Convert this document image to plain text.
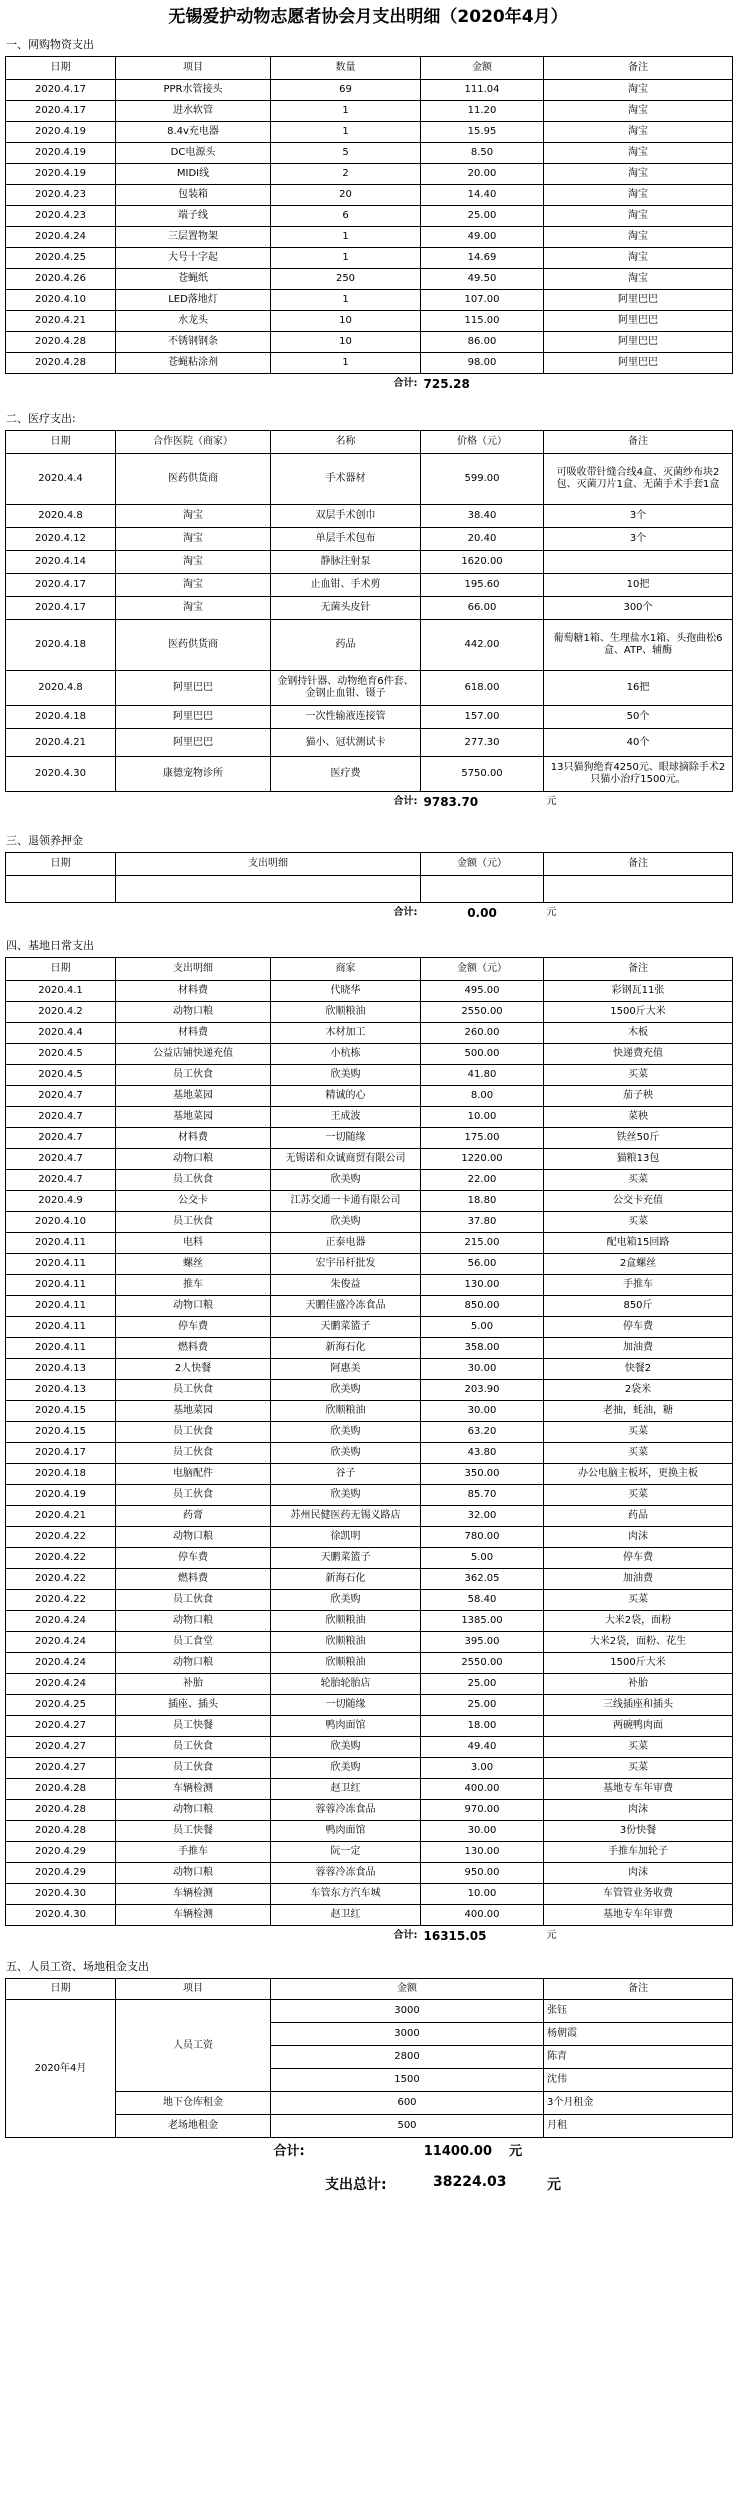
无锡爱护动物志愿者协会月支出明细（2020年4月）
一、网购物资支出
日期	项目	数量	金额	备注
2020.4.17	PPR水管接头	69	111.04	淘宝
2020.4.17	进水软管	1	11.20	淘宝
2020.4.19	8.4v充电器	1	15.95	淘宝
2020.4.19	DC电源头	5	8.50	淘宝
2020.4.19	MIDI线	2	20.00	淘宝
2020.4.23	包装箱	20	14.40	淘宝
2020.4.23	端子线	6	25.00	淘宝
2020.4.24	三层置物架	1	49.00	淘宝
2020.4.25	大号十字起	1	14.69	淘宝
2020.4.26	苍蝇纸	250	49.50	淘宝
2020.4.10	LED落地灯	1	107.00	阿里巴巴
2020.4.21	水龙头	10	115.00	阿里巴巴
2020.4.28	不锈钢钢条	10	86.00	阿里巴巴
2020.4.28	苍蝇粘涂剂	1	98.00	阿里巴巴
		合计:	725.28	
二、医疗支出:
日期	合作医院（商家）	名称	价格（元）	备注
2020.4.4	医药供货商	手术器材	599.00	可吸收带针缝合线4盒、灭菌纱布块2包、灭菌刀片1盒、无菌手术手套1盒
2020.4.8	淘宝	双层手术创巾	38.40	3个
2020.4.12	淘宝	单层手术包布	20.40	3个
2020.4.14	淘宝	静脉注射泵	1620.00	
2020.4.17	淘宝	止血钳、手术剪	195.60	10把
2020.4.17	淘宝	无菌头皮针	66.00	300个
2020.4.18	医药供货商	药品	442.00	葡萄糖1箱、生理盐水1箱、头孢曲松6盒、ATP、辅酶
2020.4.8	阿里巴巴	金钢持针器、动物绝育6件套、金钢止血钳、镊子	618.00	16把
2020.4.18	阿里巴巴	一次性输液连接管	157.00	50个
2020.4.21	阿里巴巴	猫小、冠状测试卡	277.30	40个
2020.4.30	康德宠物诊所	医疗费	5750.00	13只猫狗绝育4250元、眼球摘除手术2只猫小治疗1500元。
		合计:	9783.70	元
三、退领养押金
日期	支出明细	金额（元）	备注

	合计:	0.00	元
四、基地日常支出
日期	支出明细	商家	金额（元）	备注
2020.4.1	材料费	代晓华	495.00	彩钢瓦11张
2020.4.2	动物口粮	欣顺粮油	2550.00	1500斤大米
2020.4.4	材料费	木材加工	260.00	木板
2020.4.5	公益店铺快递充值	小杭栋	500.00	快递费充值
2020.4.5	员工伙食	欣美购	41.80	买菜
2020.4.7	基地菜园	精诚的心	8.00	茄子秧
2020.4.7	基地菜园	王成波	10.00	菜秧
2020.4.7	材料费	一切随缘	175.00	铁丝50斤
2020.4.7	动物口粮	无锡诺和众诚商贸有限公司	1220.00	猫粮13包
2020.4.7	员工伙食	欣美购	22.00	买菜
2020.4.9	公交卡	江苏交通一卡通有限公司	18.80	公交卡充值
2020.4.10	员工伙食	欣美购	37.80	买菜
2020.4.11	电料	正泰电器	215.00	配电箱15回路
2020.4.11	螺丝	宏宇吊杆批发	56.00	2盒螺丝
2020.4.11	推车	朱俊益	130.00	手推车
2020.4.11	动物口粮	天鹏佳盛冷冻食品	850.00	850斤
2020.4.11	停车费	天鹏菜篮子	5.00	停车费
2020.4.11	燃料费	新海石化	358.00	加油费
2020.4.13	2人快餐	阿惠美	30.00	快餐2
2020.4.13	员工伙食	欣美购	203.90	2袋米
2020.4.15	基地菜园	欣顺粮油	30.00	老抽，蚝油，糖
2020.4.15	员工伙食	欣美购	63.20	买菜
2020.4.17	员工伙食	欣美购	43.80	买菜
2020.4.18	电脑配件	谷子	350.00	办公电脑主板坏，更换主板
2020.4.19	员工伙食	欣美购	85.70	买菜
2020.4.21	药膏	苏州民健医药无锡义路店	32.00	药品
2020.4.22	动物口粮	徐凯明	780.00	肉沫
2020.4.22	停车费	天鹏菜篮子	5.00	停车费
2020.4.22	燃料费	新海石化	362.05	加油费
2020.4.22	员工伙食	欣美购	58.40	买菜
2020.4.24	动物口粮	欣顺粮油	1385.00	大米2袋，面粉
2020.4.24	员工食堂	欣顺粮油	395.00	大米2袋，面粉、花生
2020.4.24	动物口粮	欣顺粮油	2550.00	1500斤大米
2020.4.24	补胎	轮胎轮胎店	25.00	补胎
2020.4.25	插座、插头	一切随缘	25.00	三线插座和插头
2020.4.27	员工快餐	鸭肉面馆	18.00	两碗鸭肉面
2020.4.27	员工伙食	欣美购	49.40	买菜
2020.4.27	员工伙食	欣美购	3.00	买菜
2020.4.28	车辆检测	赵卫红	400.00	基地专车年审费
2020.4.28	动物口粮	蓉蓉冷冻食品	970.00	肉沫
2020.4.28	员工快餐	鸭肉面馆	30.00	3份快餐
2020.4.29	手推车	阮一定	130.00	手推车加轮子
2020.4.29	动物口粮	蓉蓉冷冻食品	950.00	肉沫
2020.4.30	车辆检测	车管东方汽车城	10.00	车管管业务收费
2020.4.30	车辆检测	赵卫红	400.00	基地专车年审费
		合计:	16315.05	元
五、人员工资、场地租金支出
日期	项目	金额	备注
2020年4月	人员工资	3000	张钰
		3000	杨朝霞
		2800	陈青
		1500	沈伟
	地下仓库租金	600	3个月租金
	老场地租金	500	月租
		合计: 11400.00 元	
支出总计:	38224.03	元
